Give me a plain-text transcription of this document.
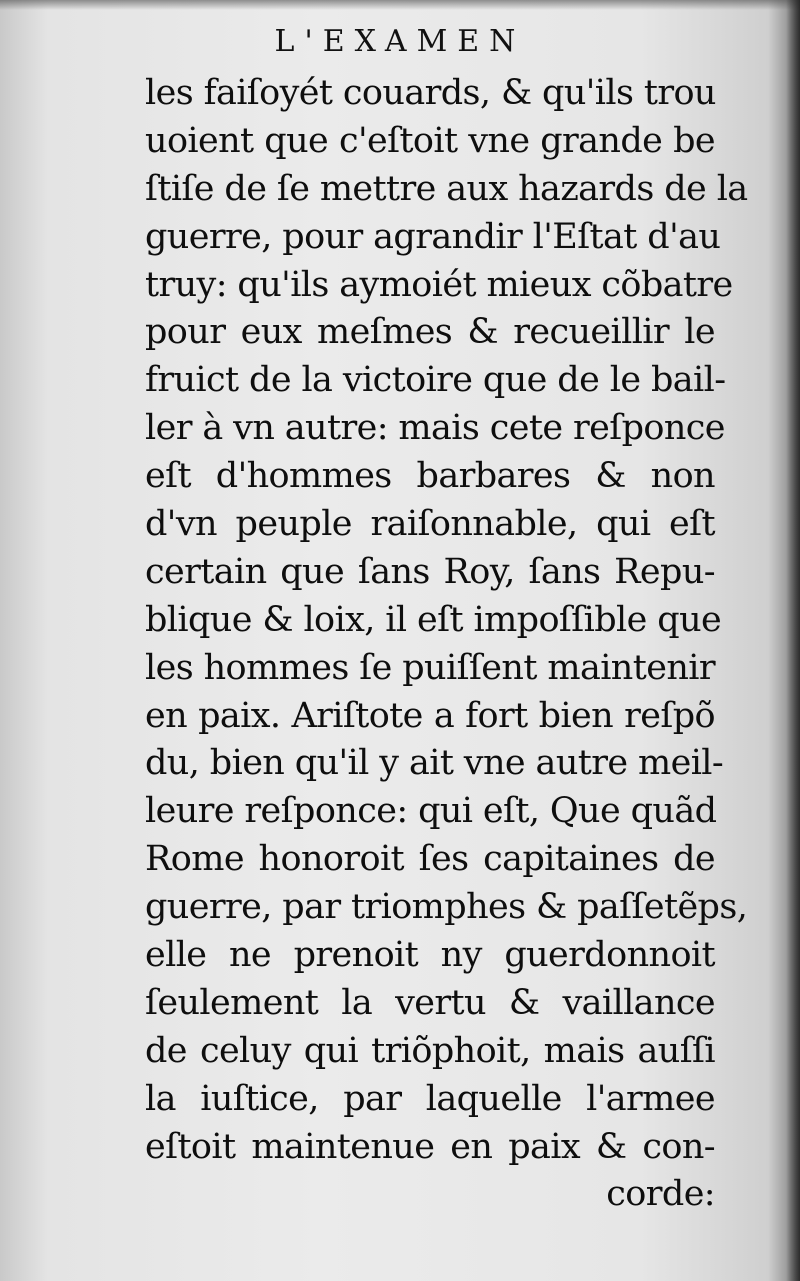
L'EXAMEN
les faiſoyét couards, & qu'ils trou
uoient que c'eſtoit vne grande be
ſtiſe de ſe mettre aux hazards de la
guerre, pour agrandir l'Eſtat d'au
truy: qu'ils aymoiét mieux cõbatre
pour eux meſmes & recueillir le
fruict de la victoire que de le bail-
ler à vn autre: mais cete reſponce
eſt d'hommes barbares & non
d'vn peuple raiſonnable, qui eſt
certain que ſans Roy, ſans Repu-
blique & loix, il eſt impoſſible que
les hommes ſe puiſſent maintenir
en paix. Ariſtote a fort bien reſpõ
du, bien qu'il y ait vne autre meil-
leure reſponce: qui eſt, Que quãd
Rome honoroit ſes capitaines de
guerre, par triomphes & paſſetẽps,
elle ne prenoit ny guerdonnoit
ſeulement la vertu & vaillance
de celuy qui triõphoit, mais auſſi
la iuſtice, par laquelle l'armee
eſtoit maintenue en paix & con-
corde:
